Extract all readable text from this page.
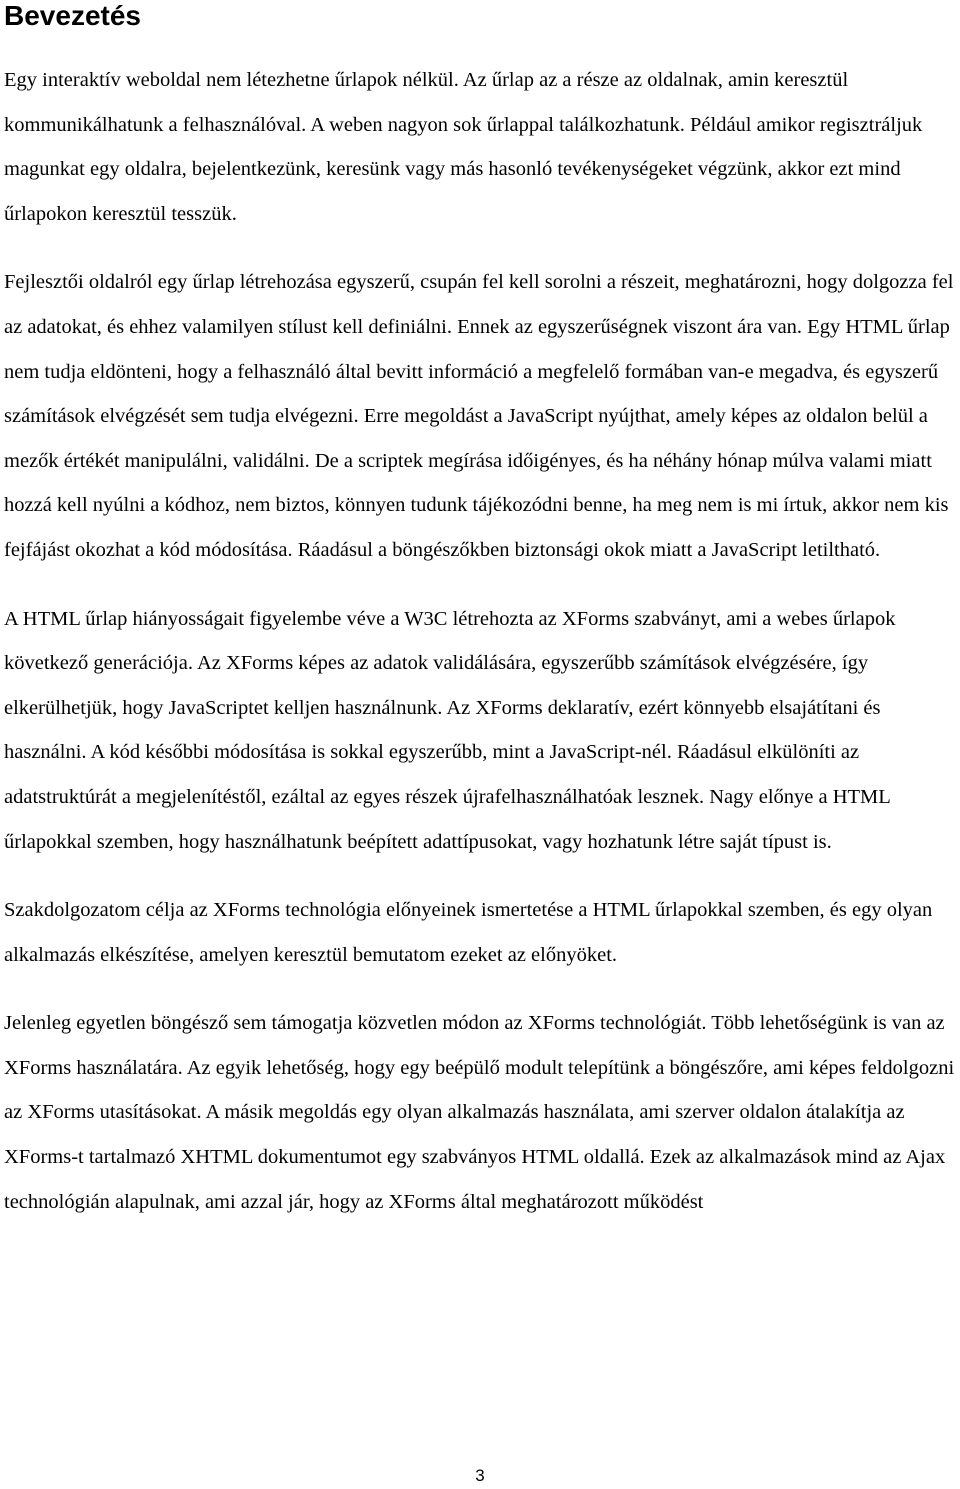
Bevezetés

Egy interaktív weboldal nem létezhetne űrlapok nélkül. Az űrlap az a része az oldalnak, amin keresztül kommunikálhatunk a felhasználóval. A weben nagyon sok űrlappal találkozhatunk. Például amikor regisztráljuk magunkat egy oldalra, bejelentkezünk, keresünk vagy más hasonló tevékenységeket végzünk, akkor ezt mind űrlapokon keresztül tesszük.

Fejlesztői oldalról egy űrlap létrehozása egyszerű, csupán fel kell sorolni a részeit, meghatározni, hogy dolgozza fel az adatokat, és ehhez valamilyen stílust kell definiálni. Ennek az egyszerűségnek viszont ára van. Egy HTML űrlap nem tudja eldönteni, hogy a felhasználó által bevitt információ a megfelelő formában van-e megadva, és egyszerű számítások elvégzését sem tudja elvégezni. Erre megoldást a JavaScript nyújthat, amely képes az oldalon belül a mezők értékét manipulálni, validálni. De a scriptek megírása időigényes, és ha néhány hónap múlva valami miatt hozzá kell nyúlni a kódhoz, nem biztos, könnyen tudunk tájékozódni benne, ha meg nem is mi írtuk, akkor nem kis fejfájást okozhat a kód módosítása. Ráadásul a böngészőkben biztonsági okok miatt a JavaScript letiltható.

A HTML űrlap hiányosságait figyelembe véve a W3C létrehozta az XForms szabványt, ami a webes űrlapok következő generációja. Az XForms képes az adatok validálására, egyszerűbb számítások elvégzésére, így elkerülhetjük, hogy JavaScriptet kelljen használnunk. Az XForms deklaratív, ezért könnyebb elsajátítani és használni. A kód későbbi módosítása is sokkal egyszerűbb, mint a JavaScript-nél. Ráadásul elkülöníti az adatstruktúrát a megjelenítéstől, ezáltal az egyes részek újrafelhasználhatóak lesznek. Nagy előnye a HTML űrlapokkal szemben, hogy használhatunk beépített adattípusokat, vagy hozhatunk létre saját típust is.

Szakdolgozatom célja az XForms technológia előnyeinek ismertetése a HTML űrlapokkal szemben, és egy olyan alkalmazás elkészítése, amelyen keresztül bemutatom ezeket az előnyöket.

Jelenleg egyetlen böngésző sem támogatja közvetlen módon az XForms technológiát. Több lehetőségünk is van az XForms használatára. Az egyik lehetőség, hogy egy beépülő modult telepítünk a böngészőre, ami képes feldolgozni az XForms utasításokat. A másik megoldás egy olyan alkalmazás használata, ami szerver oldalon átalakítja az XForms-t tartalmazó XHTML dokumentumot egy szabványos HTML oldallá. Ezek az alkalmazások mind az Ajax technológián alapulnak, ami azzal jár, hogy az XForms által meghatározott működést

3
